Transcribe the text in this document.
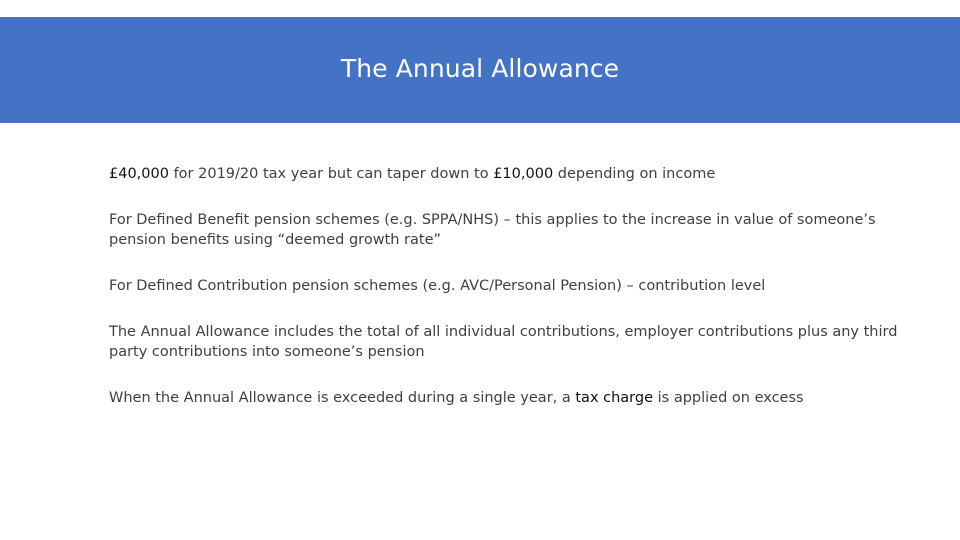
The Annual Allowance
£40,000 for 2019/20 tax year but can taper down to £10,000 depending on income
For Defined Benefit pension schemes (e.g. SPPA/NHS) – this applies to the increase in value of someone’s pension benefits using “deemed growth rate”
For Defined Contribution pension schemes (e.g. AVC/Personal Pension) – contribution level
The Annual Allowance includes the total of all individual contributions, employer contributions plus any third party contributions into someone’s pension
When the Annual Allowance is exceeded during a single year, a tax charge is applied on excess
